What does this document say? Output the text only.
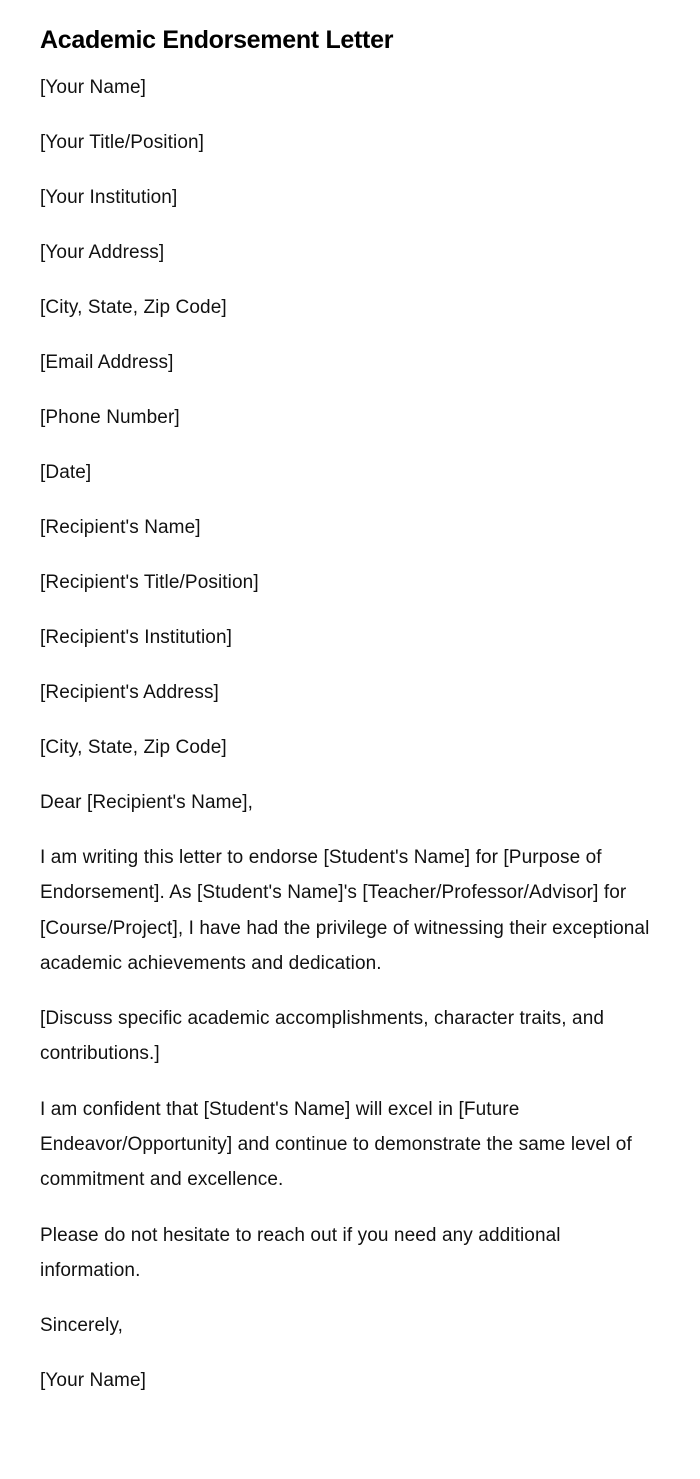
Academic Endorsement Letter

[Your Name]

[Your Title/Position]

[Your Institution]

[Your Address]

[City, State, Zip Code]

[Email Address]

[Phone Number]

[Date]

[Recipient's Name]

[Recipient's Title/Position]

[Recipient's Institution]

[Recipient's Address]

[City, State, Zip Code]

Dear [Recipient's Name],

I am writing this letter to endorse [Student's Name] for [Purpose of Endorsement]. As [Student's Name]'s [Teacher/Professor/Advisor] for [Course/Project], I have had the privilege of witnessing their exceptional academic achievements and dedication.

[Discuss specific academic accomplishments, character traits, and contributions.]

I am confident that [Student's Name] will excel in [Future Endeavor/Opportunity] and continue to demonstrate the same level of commitment and excellence.

Please do not hesitate to reach out if you need any additional information.

Sincerely,

[Your Name]
